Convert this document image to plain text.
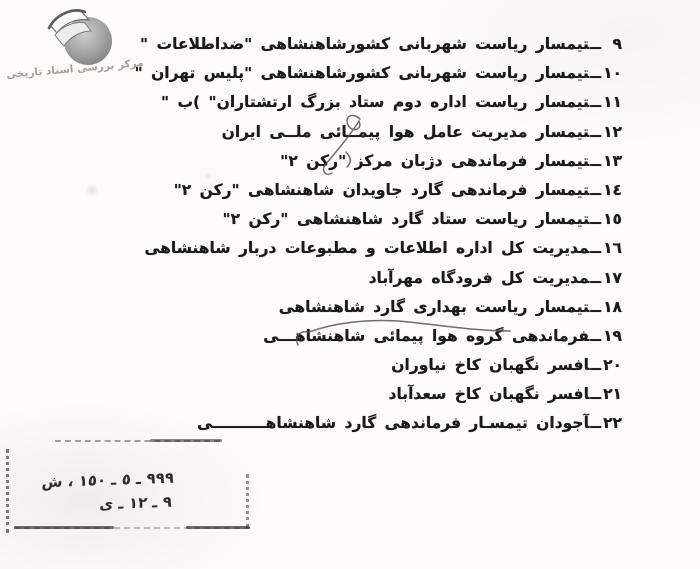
مرکز بررسی اسناد تاریخی
٩ــتیمسار ریاست شهربانی کشورشاهنشاهی "ضداطلاعات "
١٠ــتیمسار ریاست شهربانی کشورشاهنشاهی "پلیس تهران "
١١ــتیمسار ریاست اداره دوم ستاد بزرگ ارتشتاران" )ب "
١٢ــتیمسار مدیریت عامل هوا پیمــائی ملــی ایران
١٣ــتیمسار فرماندهی دژبان مرکز "رکن ٢"
١٤ــتیمسار فرماندهی گارد جاویدان شاهنشاهی "رکن ٢"
١٥ــتیمسار ریاست ستاد گارد شاهنشاهی "رکن ٢"
١٦ــمدیریت کل اداره اطلاعات و مطبوعات دربار شاهنشاهی
١٧ــمدیریت کل فرودگاه مهرآباد
١٨ــتیمسار ریاست بهداری گارد شاهنشاهی
١٩ــفرماندهی گروه هوا پیمائی شاهنشاهـــی
٢٠ــافسر نگهبان کاخ نیاوران
٢١ــافسر نگهبان کاخ سعدآباد
٢٢ــآجودان تیمسـار فرماندهی گارد شاهنشاهــــــــــی
٩٩٩ ـ ٥ ـ ١٥٠ ، ش
٩ ـ ١٢ ـ ی
